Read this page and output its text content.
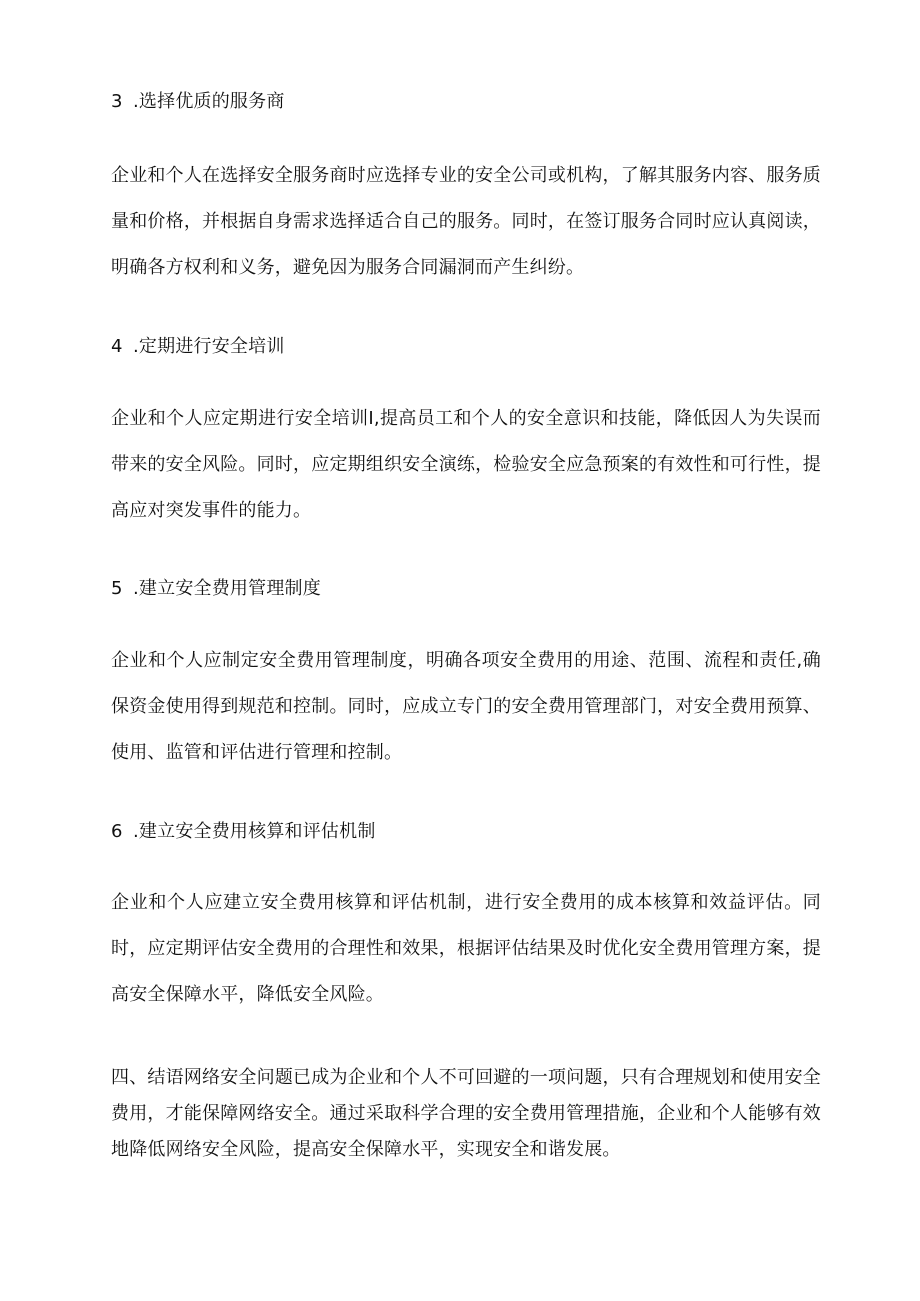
3 .选择优质的服务商
企业和个人在选择安全服务商时应选择专业的安全公司或机构，了解其服务内容、服务质量和价格，并根据自身需求选择适合自己的服务。同时，在签订服务合同时应认真阅读，明确各方权利和义务，避免因为服务合同漏洞而产生纠纷。
4 .定期进行安全培训
企业和个人应定期进行安全培训I,提高员工和个人的安全意识和技能，降低因人为失误而带来的安全风险。同时，应定期组织安全演练，检验安全应急预案的有效性和可行性，提高应对突发事件的能力。
5 .建立安全费用管理制度
企业和个人应制定安全费用管理制度，明确各项安全费用的用途、范围、流程和责任,确保资金使用得到规范和控制。同时，应成立专门的安全费用管理部门，对安全费用预算、使用、监管和评估进行管理和控制。
6 .建立安全费用核算和评估机制
企业和个人应建立安全费用核算和评估机制，进行安全费用的成本核算和效益评估。同时，应定期评估安全费用的合理性和效果，根据评估结果及时优化安全费用管理方案，提高安全保障水平，降低安全风险。
四、结语网络安全问题已成为企业和个人不可回避的一项问题，只有合理规划和使用安全费用，才能保障网络安全。通过采取科学合理的安全费用管理措施，企业和个人能够有效地降低网络安全风险，提高安全保障水平，实现安全和谐发展。
